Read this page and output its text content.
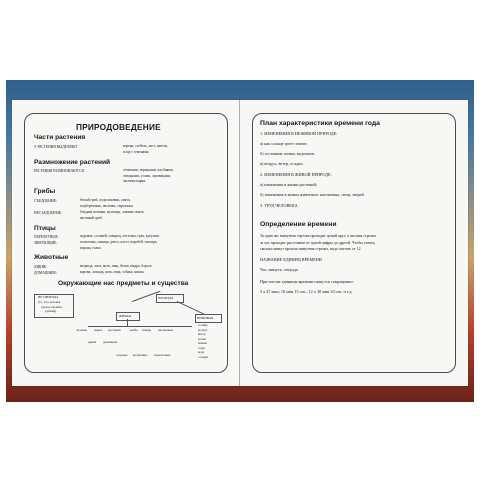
ПРИРОДОВЕДЕНИЕ
Части растения
У РАСТЕНИЯ ВЫДЕЛЯЮТ	корень, стебель, лист, цветок,
плод с семенами.
Размножение растений
РАСТЕНИЯ РАЗМНОЖАЮТСЯ	семенами, черенками, клубнями,
отводками, усами, луковицами,
частями корня.
Грибы
СЪЕДОБНЫЕ:	белый гриб, подосиновик, опята,
подберезовик, лисички, сыроежки.
НЕСЪЕДОБНЫЕ:	бледная поганка, мухомор, ложные опята,
желчный гриб.
Птицы
ПЕРЕЛЕТНЫЕ:	журавль, соловей, скворец, ласточка, грач, кукушка.
ЗИМУЮЩИЕ:	поползень, синица, дятел, клест, воробей, снегирь,
ворона, галка.
Животные
ДИКИЕ:	медведь, лиса, волк, заяц, белка, выдра, барсук.
ДОМАШНИЕ:	корова, лошадь, коза, овца, собака, кошка.
Окружающие нас предметы и существа
НЕ ПРИРОДА
(то, что человек
сделал своими
руками)
ПРИРОДА
ЖИВАЯ	НЕЖИВАЯ
солнце
воздух
ветер
почва
камни
горы
вода
осадки
человек звери растения	рыбы птицы насекомые
дикие домашние
оседлые кочующие перелетные
План характеристики времени года
1. ИЗМЕНЕНИЯ В НЕЖИВОЙ ПРИРОДЕ:
а) как солнце греет землю;
б) состояние почвы, водоемов;
в) воздух, ветер, осадки.
2. ИЗМЕНЕНИЯ В ЖИВОЙ ПРИРОДЕ:
а) изменения в жизни растений;
б) изменения в жизни животных: насекомых, птиц, зверей.
3. ТРУД ЧЕЛОВЕКА.
Определение времени
За один час минутная стрелка проходит целый круг, а часовая стрелка
за час проходит расстояние от одной цифры до другой. Чтобы узнать,
сколько минут прошла минутная стрелка, надо считать от 12.
НАЗВАНИЕ ЕДИНИЦ ВРЕМЕНИ
Час, минута, секунда.
При числах единицы времени пишутся сокращенно:
5 ч 47 мин; 10 мин 15 сек.; 12 ч 30 мин 10 сек. и т.д.
